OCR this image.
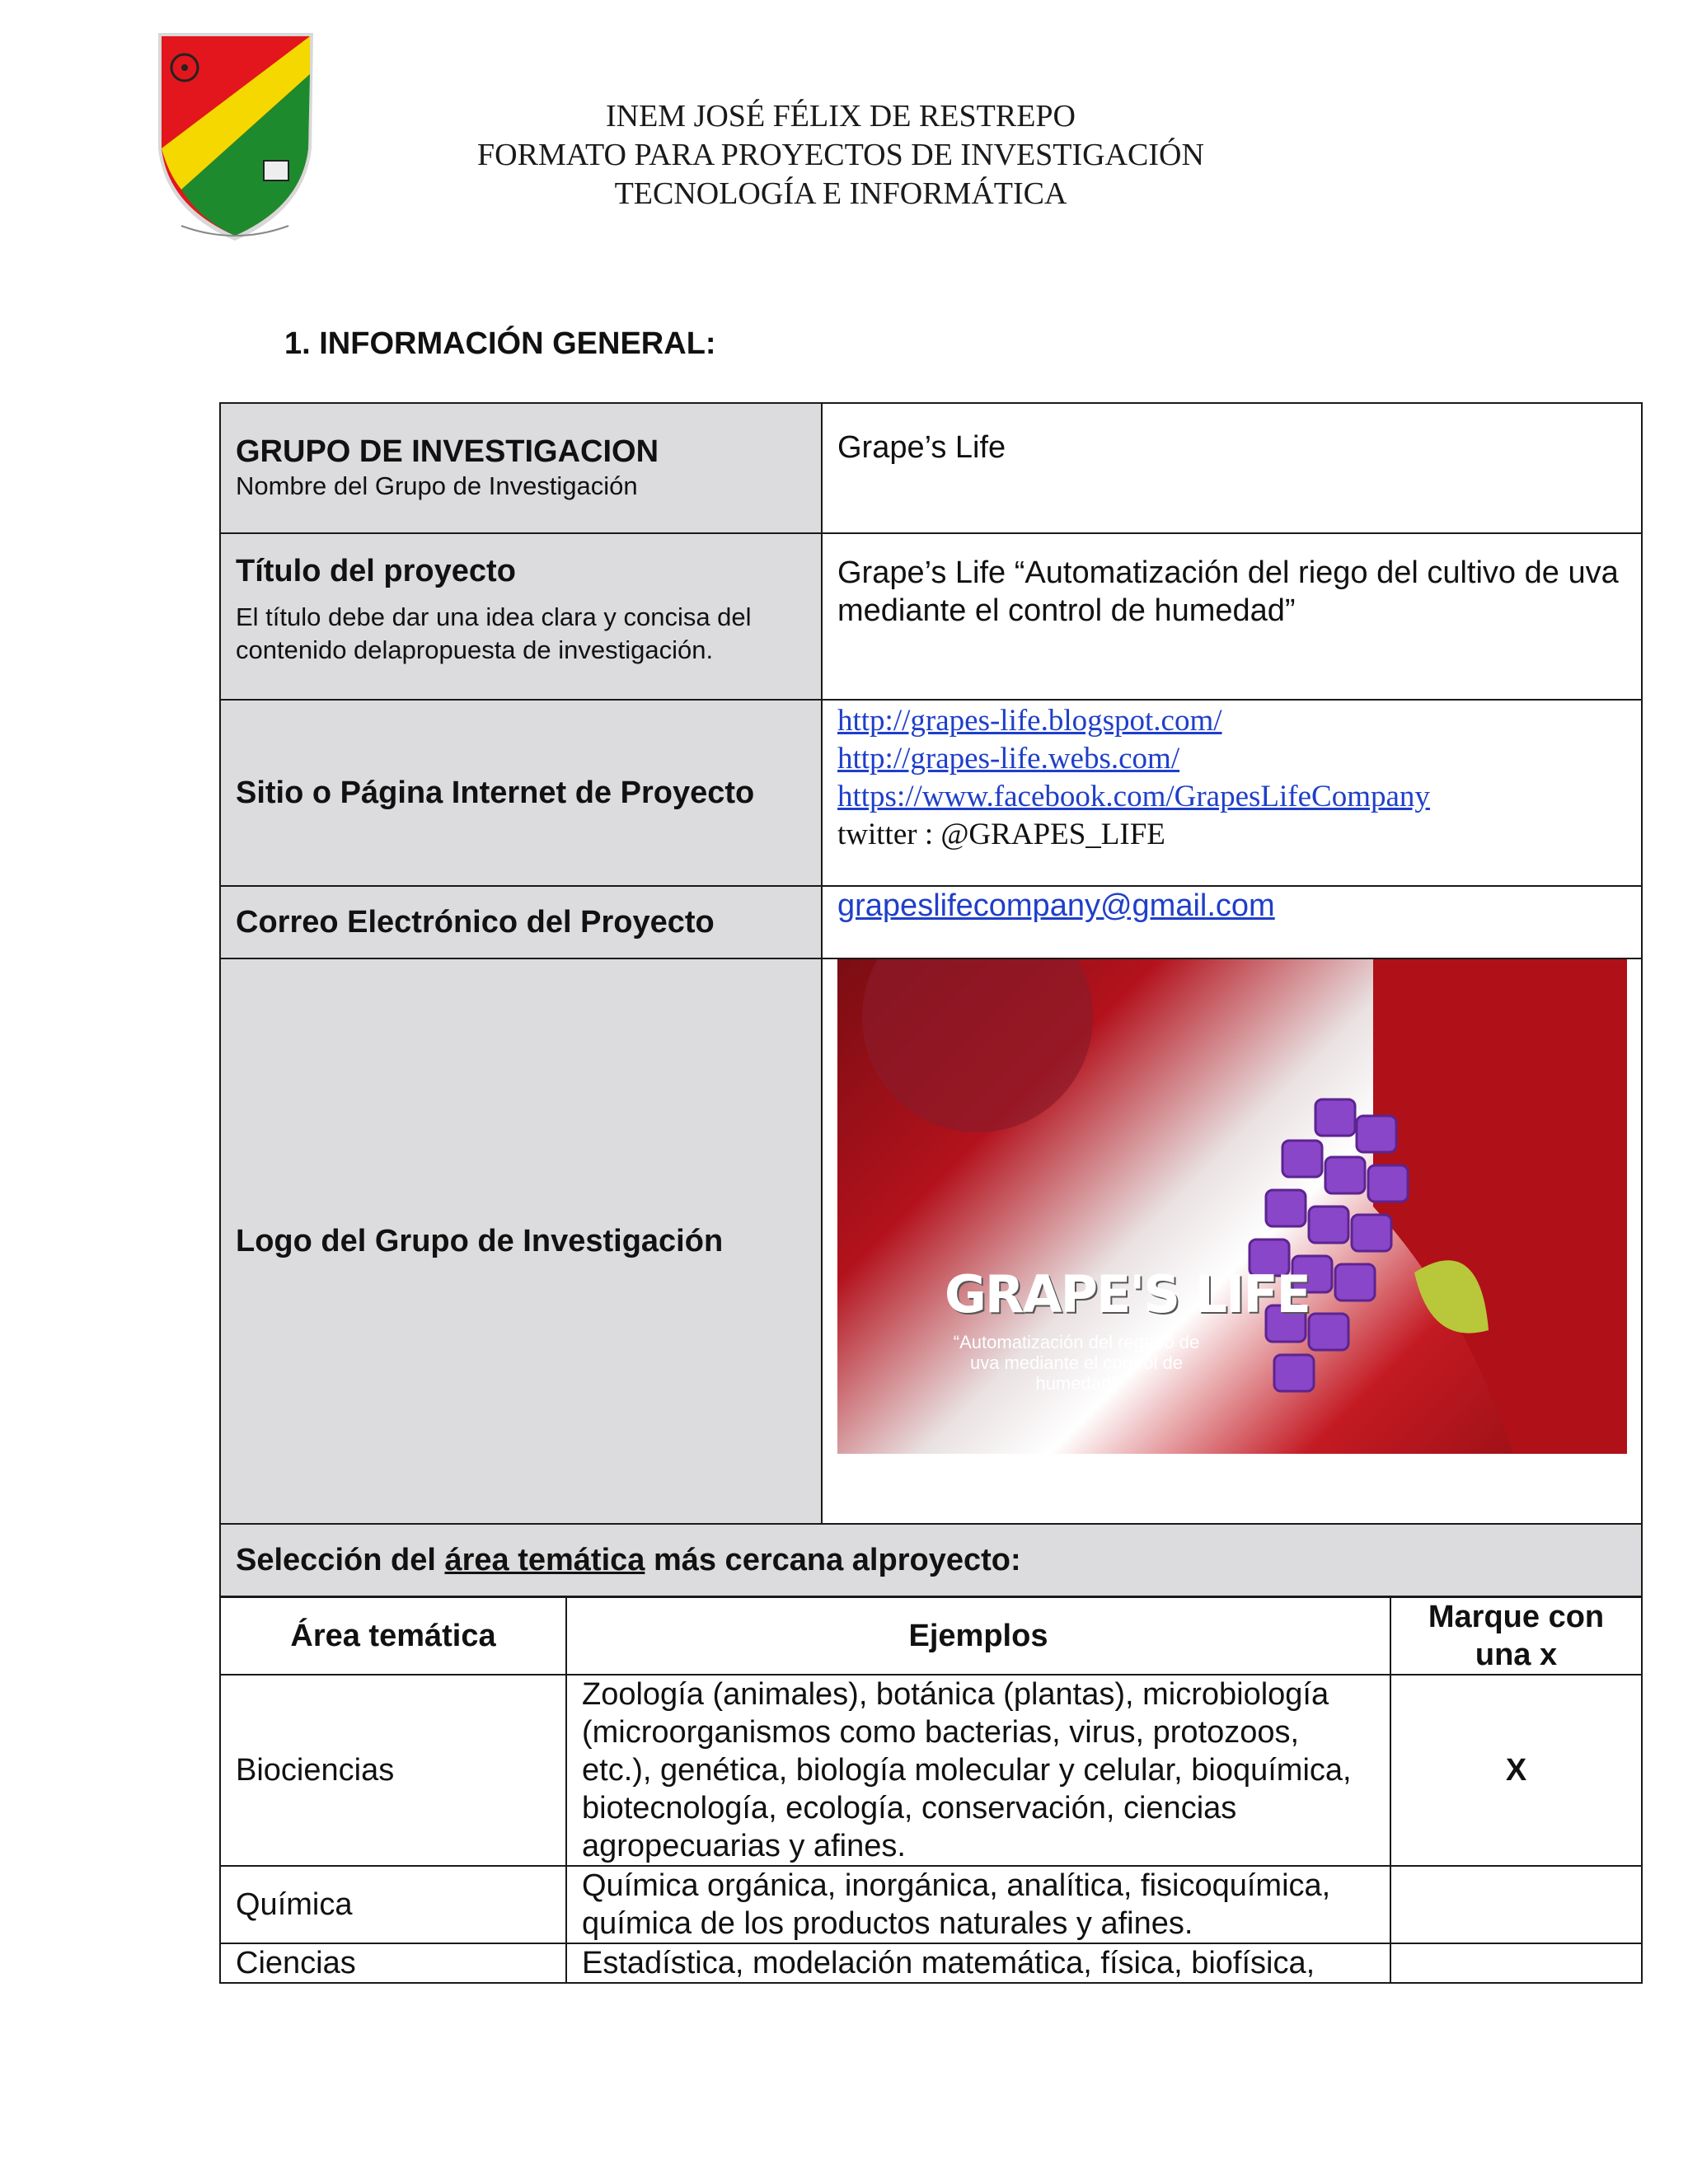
INEM JOSÉ FÉLIX DE RESTREPO
FORMATO PARA PROYECTOS DE INVESTIGACIÓN
TECNOLOGÍA E INFORMÁTICA
1. INFORMACIÓN GENERAL:
GRUPO DE INVESTIGACION
Nombre del Grupo de Investigación	Grape’s Life

Título del proyecto
El título debe dar una idea clara y concisa del contenido delapropuesta de investigación.	Grape’s Life “Automatización del riego del cultivo de uva mediante el control de humedad”

Sitio o Página Internet de Proyecto	http://grapes-life.blogspot.com/
http://grapes-life.webs.com/
https://www.facebook.com/GrapesLifeCompany
twitter : @GRAPES_LIFE

Correo Electrónico del Proyecto	grapeslifecompany@gmail.com

Logo del Grupo de Investigación	GRAPE'S LIFE
“Automatización del regado de uva mediante el control de humedad”

Selección del área temática más cercana alproyecto:	
Área temática	Ejemplos	Marque con una x
Biociencias	Zoología (animales), botánica (plantas), microbiología (microorganismos como bacterias, virus, protozoos, etc.), genética, biología molecular y celular, bioquímica, biotecnología, ecología, conservación, ciencias agropecuarias y afines.	X
Química	Química orgánica, inorgánica, analítica, fisicoquímica, química de los productos naturales y afines.	
Ciencias	Estadística, modelación matemática, física, biofísica,	
